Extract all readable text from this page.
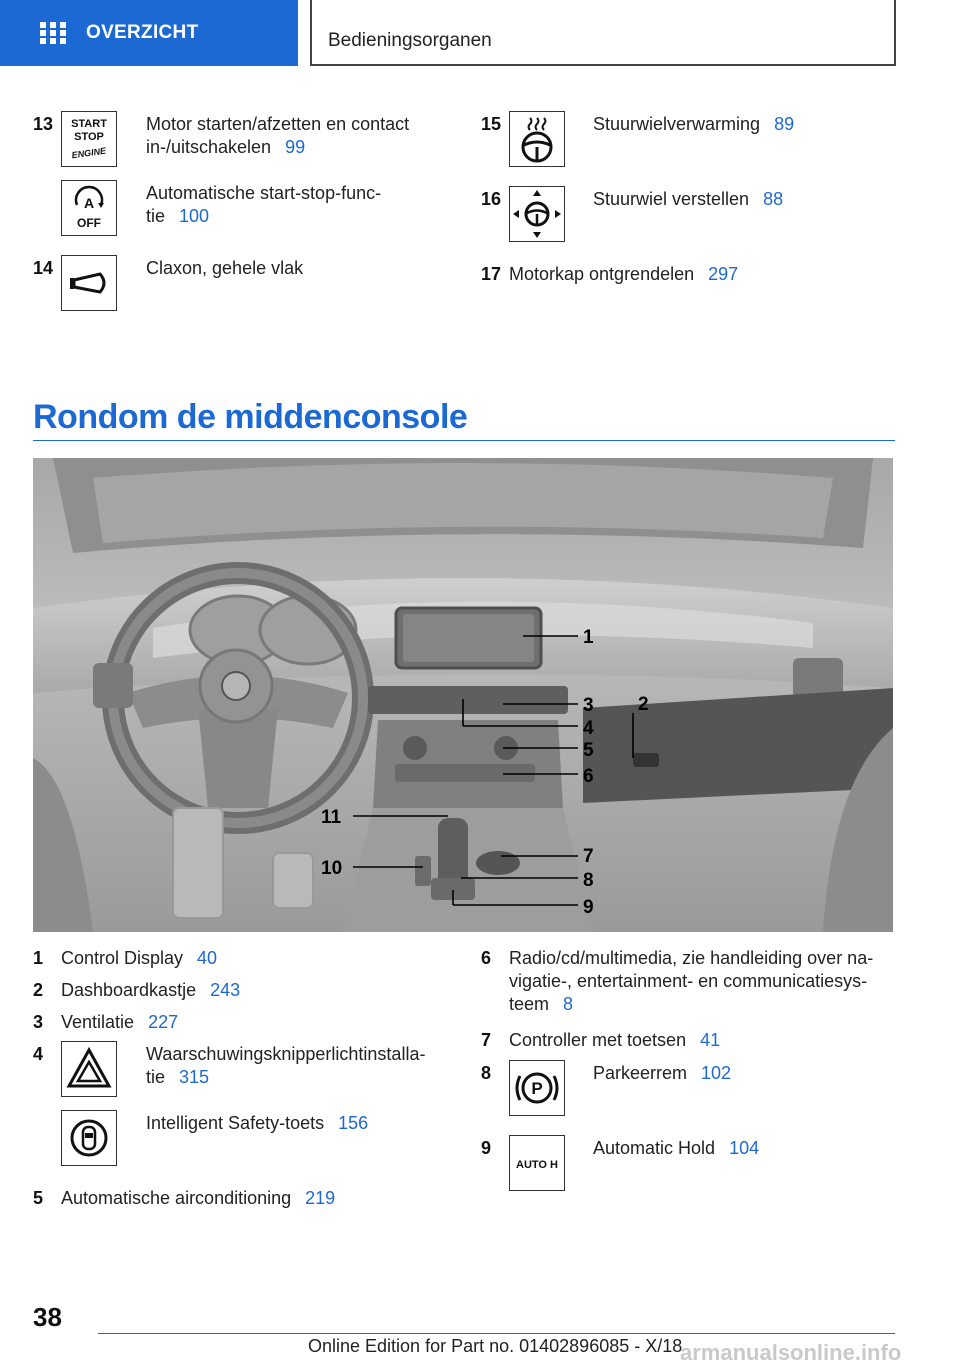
OVERZICHT	Bedieningsorganen
13 START
STOP
ENGINE
Motor starten/afzetten en contact
in-/uitschakelen 99
A
OFF
Automatische start-stop-func-
tie 100
14	Claxon, gehele vlak
15	Stuurwielverwarming 89
16	Stuurwiel verstellen 88
17 Motorkap ontgrendelen 297
Rondom de middenconsole
1
2
3
4
5
6
7
8
9
10
11
1 Control Display 40
2 Dashboardkastje 243
3 Ventilatie 227
4	Waarschuwingsknipperlichtinstalla-
tie 315
Intelligent Safety-toets 156
5 Automatische airconditioning 219
6 Radio/cd/multimedia, zie handleiding over na-
vigatie-, entertainment- en communicatiesys-
teem 8
7 Controller met toetsen 41
8
P
Parkeerrem 102
9
AUTO H
Automatic Hold 104
38
Online Edition for Part no. 01402896085 - X/18
armanualsonline.info
